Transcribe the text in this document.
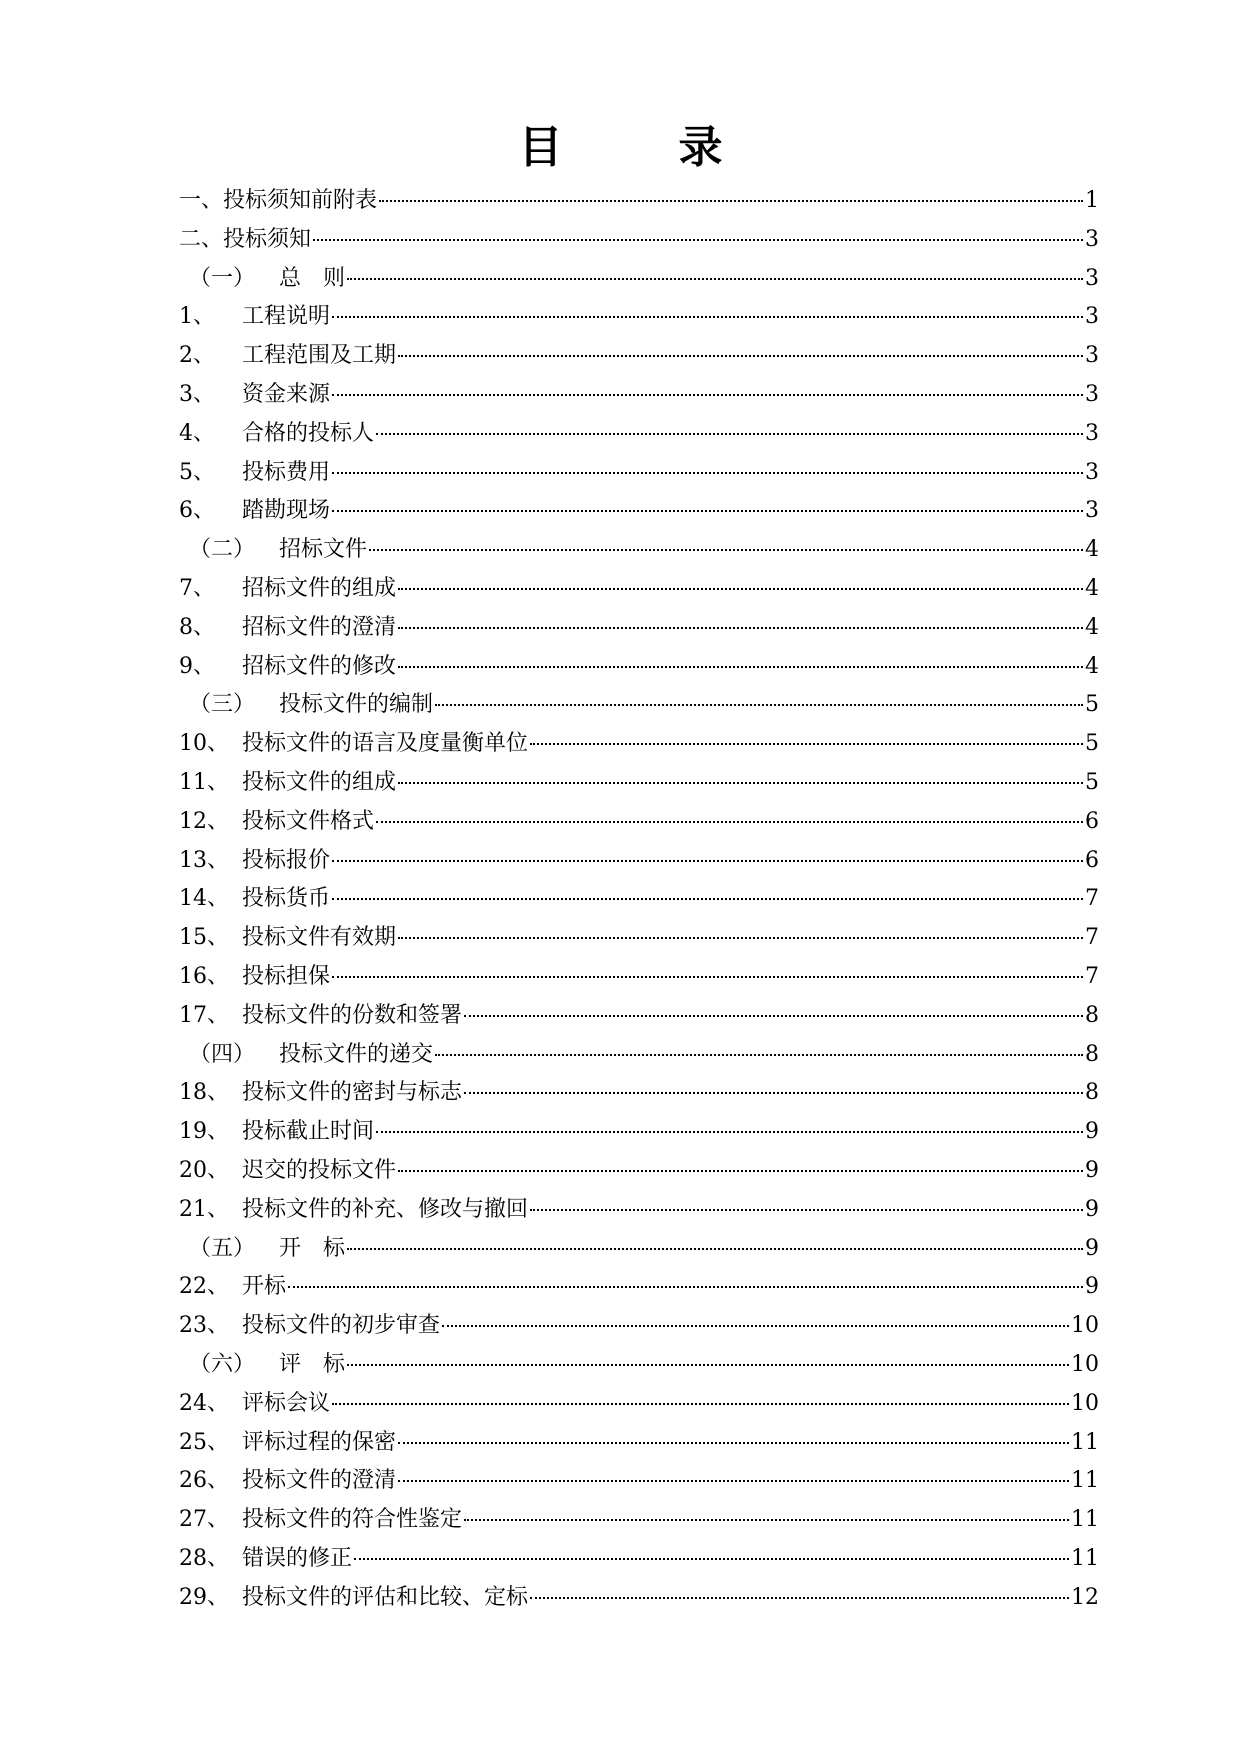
目　录
一、 投标须知前附表	1
二、 投标须知	3
（一）	总　则	3
1、	工程说明	3
2、	工程范围及工期	3
3、	资金来源	3
4、	合格的投标人	3
5、	投标费用	3
6、	踏勘现场	3
（二）	招标文件	4
7、	招标文件的组成	4
8、	招标文件的澄清	4
9、	招标文件的修改	4
（三）	投标文件的编制	5
10、 投标文件的语言及度量衡单位	5
11、 投标文件的组成	5
12、 投标文件格式	6
13、 投标报价	6
14、 投标货币	7
15、 投标文件有效期	7
16、 投标担保	7
17、 投标文件的份数和签署	8
（四）	投标文件的递交	8
18、 投标文件的密封与标志	8
19、 投标截止时间	9
20、 迟交的投标文件	9
21、 投标文件的补充、修改与撤回	9
（五）	开　标	9
22、 开标	9
23、 投标文件的初步审查	10
（六）	评　标	10
24、 评标会议	10
25、 评标过程的保密	11
26、 投标文件的澄清	11
27、 投标文件的符合性鉴定	11
28、 错误的修正	11
29、 投标文件的评估和比较、定标	12
